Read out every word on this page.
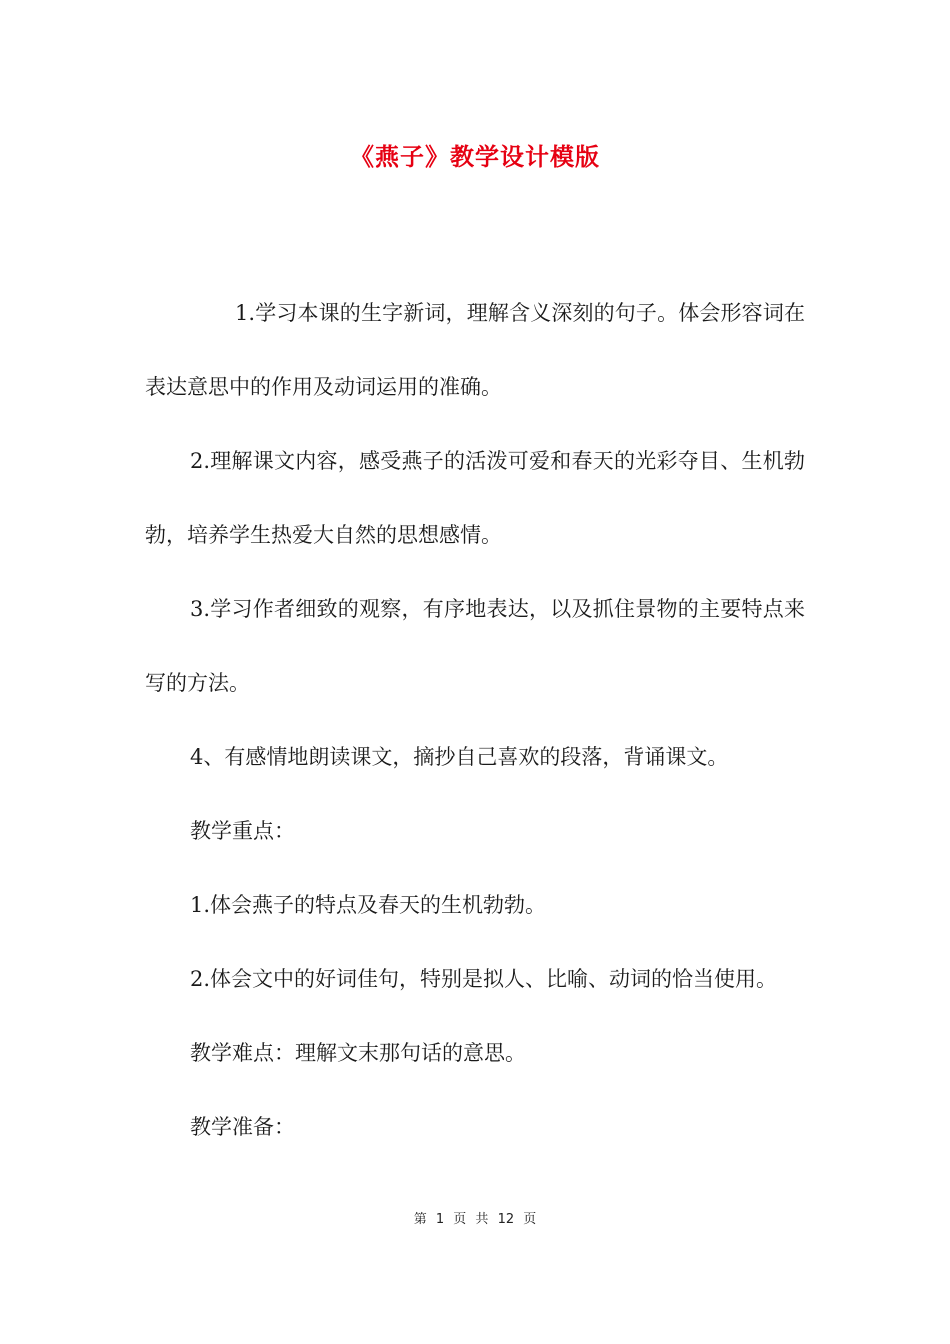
《燕子》教学设计模版

1.学习本课的生字新词，理解含义深刻的句子。体会形容词在表达意思中的作用及动词运用的准确。

2.理解课文内容，感受燕子的活泼可爱和春天的光彩夺目、生机勃勃，培养学生热爱大自然的思想感情。

3.学习作者细致的观察，有序地表达，以及抓住景物的主要特点来写的方法。

4、有感情地朗读课文，摘抄自己喜欢的段落，背诵课文。

教学重点：

1.体会燕子的特点及春天的生机勃勃。

2.体会文中的好词佳句，特别是拟人、比喻、动词的恰当使用。

教学难点：理解文末那句话的意思。

教学准备：

第 1 页 共 12 页
